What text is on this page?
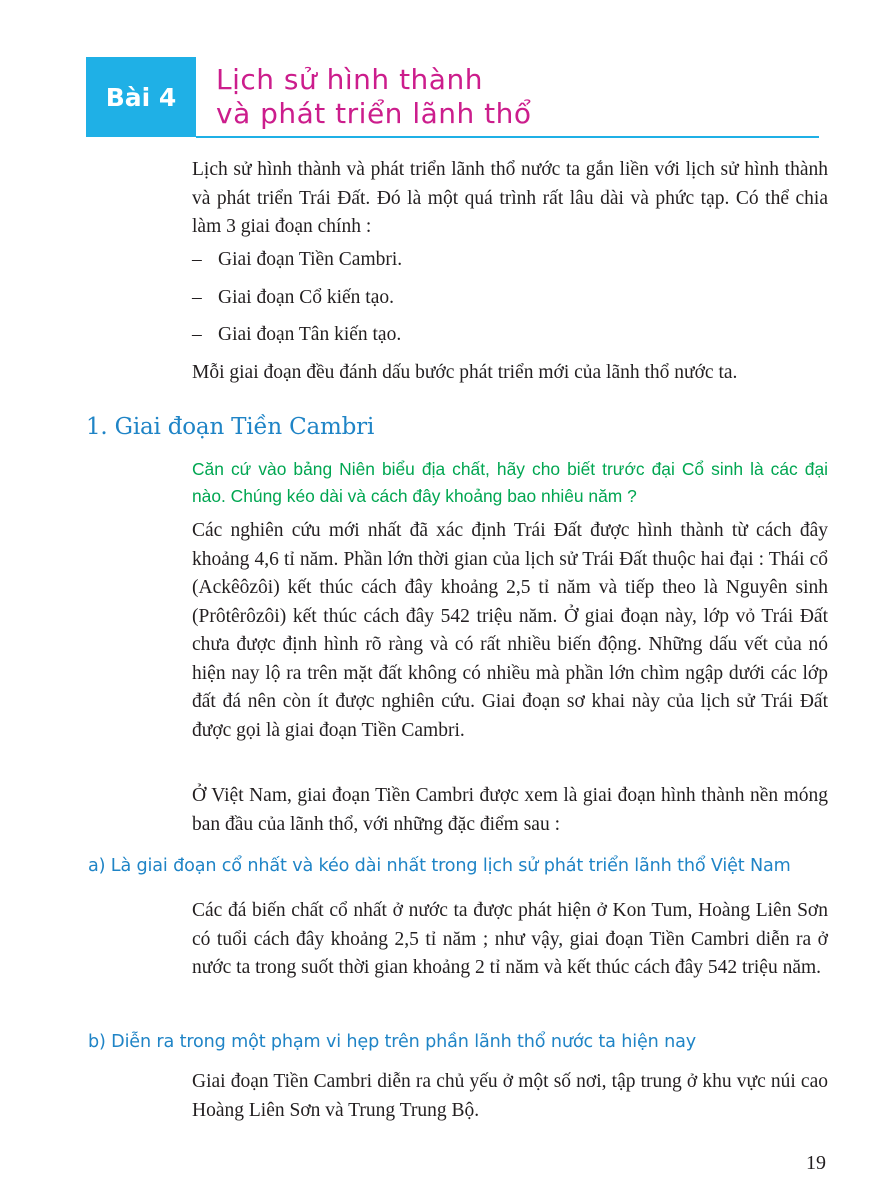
Bài 4
Lịch sử hình thành
và phát triển lãnh thổ

Lịch sử hình thành và phát triển lãnh thổ nước ta gắn liền với lịch sử hình thành và phát triển Trái Đất. Đó là một quá trình rất lâu dài và phức tạp. Có thể chia làm 3 giai đoạn chính :

– Giai đoạn Tiền Cambri.
– Giai đoạn Cổ kiến tạo.
– Giai đoạn Tân kiến tạo.

Mỗi giai đoạn đều đánh dấu bước phát triển mới của lãnh thổ nước ta.

1. Giai đoạn Tiền Cambri

Căn cứ vào bảng Niên biểu địa chất, hãy cho biết trước đại Cổ sinh là các đại nào. Chúng kéo dài và cách đây khoảng bao nhiêu năm ?

Các nghiên cứu mới nhất đã xác định Trái Đất được hình thành từ cách đây khoảng 4,6 tỉ năm. Phần lớn thời gian của lịch sử Trái Đất thuộc hai đại : Thái cổ (Ackêôzôi) kết thúc cách đây khoảng 2,5 tỉ năm và tiếp theo là Nguyên sinh (Prôtêrôzôi) kết thúc cách đây 542 triệu năm. Ở giai đoạn này, lớp vỏ Trái Đất chưa được định hình rõ ràng và có rất nhiều biến động. Những dấu vết của nó hiện nay lộ ra trên mặt đất không có nhiều mà phần lớn chìm ngập dưới các lớp đất đá nên còn ít được nghiên cứu. Giai đoạn sơ khai này của lịch sử Trái Đất được gọi là giai đoạn Tiền Cambri.

Ở Việt Nam, giai đoạn Tiền Cambri được xem là giai đoạn hình thành nền móng ban đầu của lãnh thổ, với những đặc điểm sau :

a) Là giai đoạn cổ nhất và kéo dài nhất trong lịch sử phát triển lãnh thổ Việt Nam

Các đá biến chất cổ nhất ở nước ta được phát hiện ở Kon Tum, Hoàng Liên Sơn có tuổi cách đây khoảng 2,5 tỉ năm ; như vậy, giai đoạn Tiền Cambri diễn ra ở nước ta trong suốt thời gian khoảng 2 tỉ năm và kết thúc cách đây 542 triệu năm.

b) Diễn ra trong một phạm vi hẹp trên phần lãnh thổ nước ta hiện nay

Giai đoạn Tiền Cambri diễn ra chủ yếu ở một số nơi, tập trung ở khu vực núi cao Hoàng Liên Sơn và Trung Trung Bộ.

19
